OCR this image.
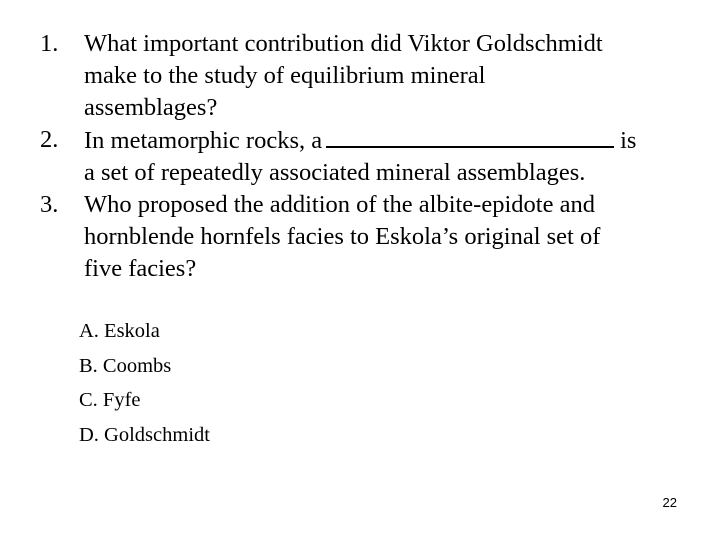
1. What important contribution did Viktor Goldschmidt
make to the study of equilibrium mineral
assemblages?
2. In metamorphic rocks, a	is
a set of repeatedly associated mineral assemblages.
3. Who proposed the addition of the albite-epidote and
hornblende hornfels facies to Eskola’s original set of
five facies?
A. Eskola
B. Coombs
C. Fyfe
D. Goldschmidt
22
